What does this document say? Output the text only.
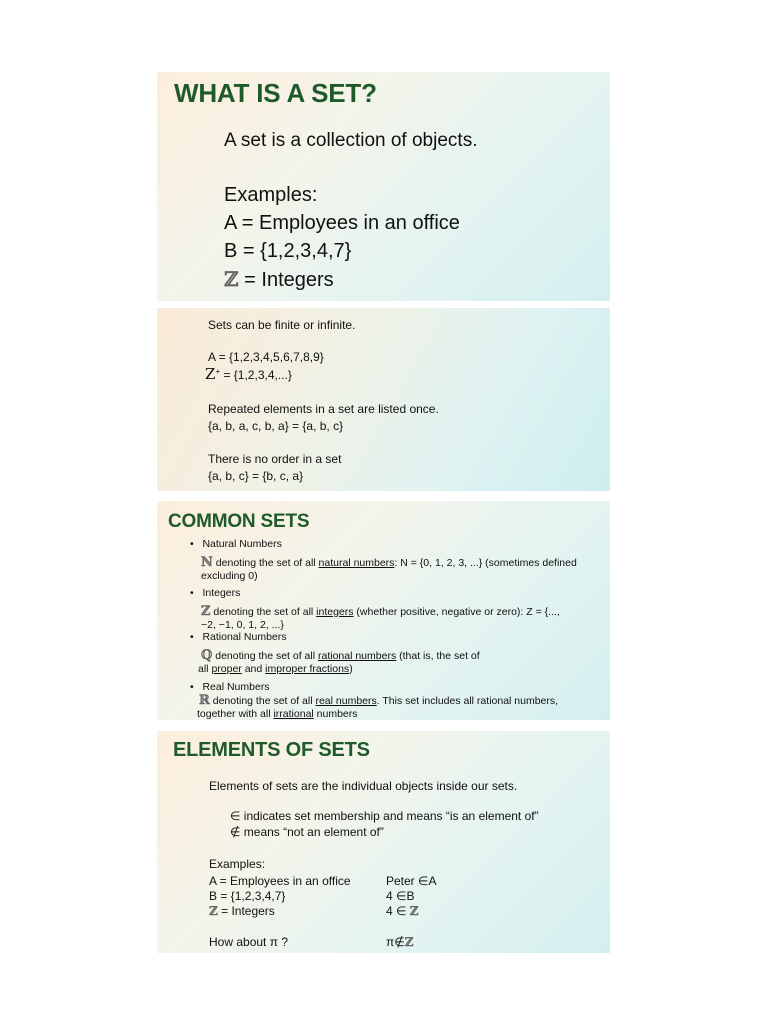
WHAT IS A SET?
A set is a collection of objects.
Examples:
A = Employees in an office
B = {1,2,3,4,7}
ℤ = Integers
Sets can be finite or infinite.
A = {1,2,3,4,5,6,7,8,9}
Z+ = {1,2,3,4,...}
Repeated elements in a set are listed once.
{a, b, a, c, b, a} = {a, b, c}
There is no order in a set
{a, b, c} = {b, c, a}
COMMON SETS
• Natural Numbers
ℕ denoting the set of all natural numbers: N = {0, 1, 2, 3, ...} (sometimes defined
excluding 0)
• Integers
ℤ denoting the set of all integers (whether positive, negative or zero): Z = {...,
−2, −1, 0, 1, 2, ...}
• Rational Numbers
ℚ denoting the set of all rational numbers (that is, the set of
all proper and improper fractions)
• Real Numbers
ℝ denoting the set of all real numbers. This set includes all rational numbers,
together with all irrational numbers
ELEMENTS OF SETS
Elements of sets are the individual objects inside our sets.
∈ indicates set membership and means “is an element of”
∉ means “not an element of”
Examples:
A = Employees in an office	Peter ∈A
B = {1,2,3,4,7}	4 ∈B
ℤ = Integers	4 ∈ ℤ
How about π ?	π∉ℤ
